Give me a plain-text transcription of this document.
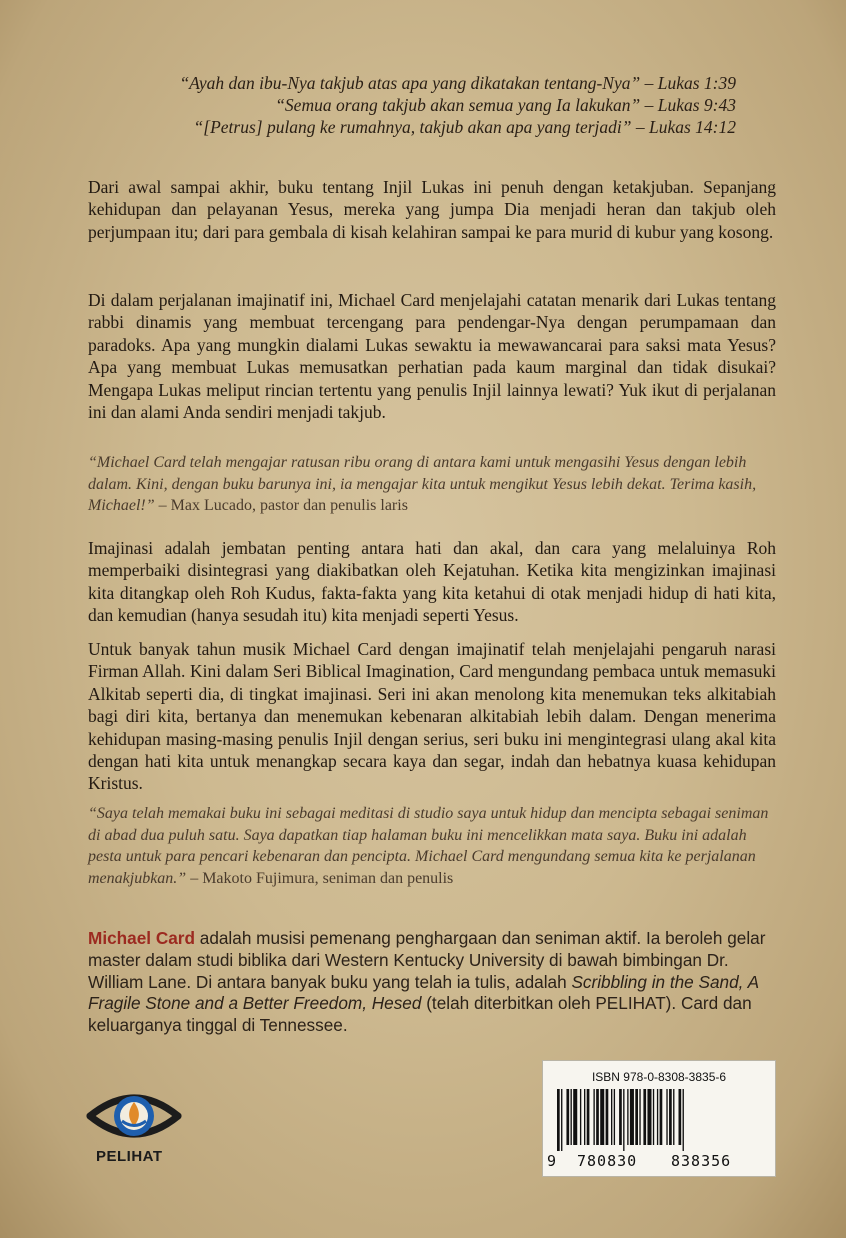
“Ayah dan ibu-Nya takjub atas apa yang dikatakan tentang-Nya” – Lukas 1:39
“Semua orang takjub akan semua yang Ia lakukan” – Lukas 9:43
“[Petrus] pulang ke rumahnya, takjub akan apa yang terjadi” – Lukas 14:12
Dari awal sampai akhir, buku tentang Injil Lukas ini penuh dengan ketakjuban. Sepanjang kehidupan dan pelayanan Yesus, mereka yang jumpa Dia menjadi heran dan takjub oleh perjumpaan itu; dari para gembala di kisah kelahiran sampai ke para murid di kubur yang kosong.
Di dalam perjalanan imajinatif ini, Michael Card menjelajahi catatan menarik dari Lukas tentang rabbi dinamis yang membuat tercengang para pendengar-Nya dengan perumpamaan dan paradoks. Apa yang mungkin dialami Lukas sewaktu ia mewawancarai para saksi mata Yesus? Apa yang membuat Lukas memusatkan perhatian pada kaum marginal dan tidak disukai? Mengapa Lukas meliput rincian tertentu yang penulis Injil lainnya lewati? Yuk ikut di perjalanan ini dan alami Anda sendiri menjadi takjub.
“Michael Card telah mengajar ratusan ribu orang di antara kami untuk mengasihi Yesus dengan lebih dalam. Kini, dengan buku barunya ini, ia mengajar kita untuk mengikut Yesus lebih dekat. Terima kasih, Michael!” – Max Lucado, pastor dan penulis laris
Imajinasi adalah jembatan penting antara hati dan akal, dan cara yang melaluinya Roh memperbaiki disintegrasi yang diakibatkan oleh Kejatuhan. Ketika kita mengizinkan imajinasi kita ditangkap oleh Roh Kudus, fakta-fakta yang kita ketahui di otak menjadi hidup di hati kita, dan kemudian (hanya sesudah itu) kita menjadi seperti Yesus.
Untuk banyak tahun musik Michael Card dengan imajinatif telah menjelajahi pengaruh narasi Firman Allah. Kini dalam Seri Biblical Imagination, Card mengundang pembaca untuk memasuki Alkitab seperti dia, di tingkat imajinasi. Seri ini akan menolong kita menemukan teks alkitabiah bagi diri kita, bertanya dan menemukan kebenaran alkitabiah lebih dalam. Dengan menerima kehidupan masing-masing penulis Injil dengan serius, seri buku ini mengintegrasi ulang akal kita dengan hati kita untuk menangkap secara kaya dan segar, indah dan hebatnya kuasa kehidupan Kristus.
“Saya telah memakai buku ini sebagai meditasi di studio saya untuk hidup dan mencipta sebagai seniman di abad dua puluh satu. Saya dapatkan tiap halaman buku ini mencelikkan mata saya. Buku ini adalah pesta untuk para pencari kebenaran dan pencipta. Michael Card mengundang semua kita ke perjalanan menakjubkan.” – Makoto Fujimura, seniman dan penulis
Michael Card adalah musisi pemenang penghargaan dan seniman aktif. Ia beroleh gelar master dalam studi biblika dari Western Kentucky University di bawah bimbingan Dr. William Lane. Di antara banyak buku yang telah ia tulis, adalah Scribbling in the Sand, A Fragile Stone and a Better Freedom, Hesed (telah diterbitkan oleh PELIHAT). Card dan keluarganya tinggal di Tennessee.
PELIHAT
ISBN 978-0-8308-3835-6
9 780830 838356
